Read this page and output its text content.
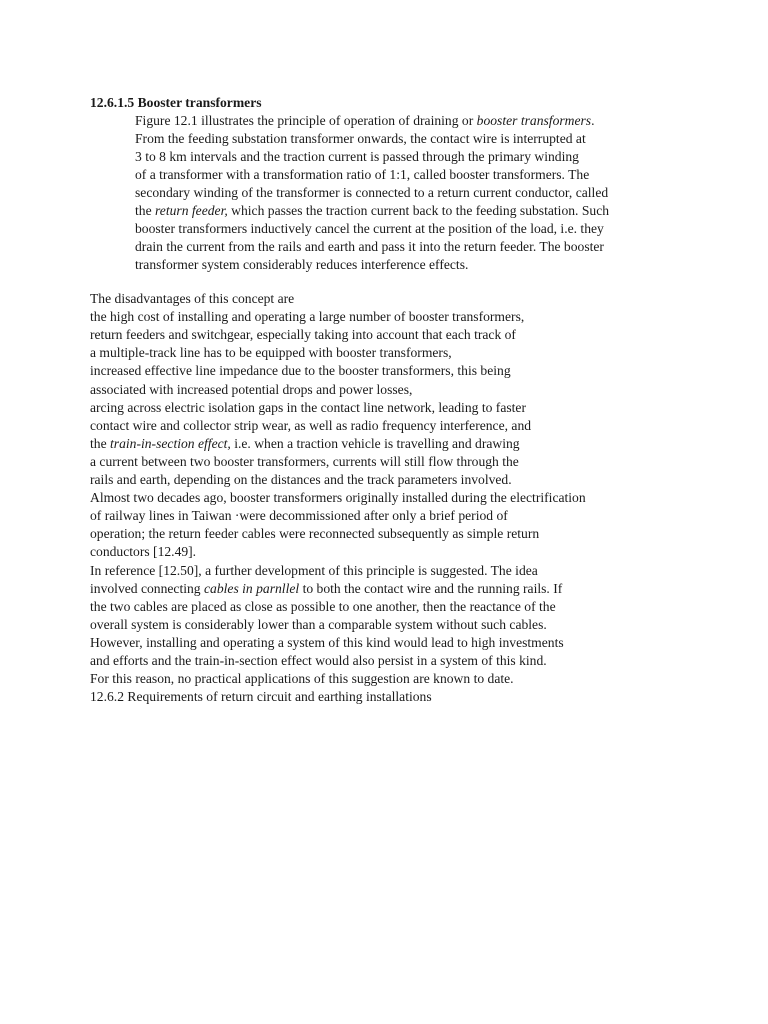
12.6.1.5 Booster transformers
Figure 12.1 illustrates the principle of operation of draining or booster transformers.
From the feeding substation transformer onwards, the contact wire is interrupted at
3 to 8 km intervals and the traction current is passed through the primary winding
of a transformer with a transformation ratio of 1:1, called booster transformers. The
secondary winding of the transformer is connected to a return current conductor, called
the return feeder, which passes the traction current back to the feeding substation. Such
booster transformers inductively cancel the current at the position of the load, i.e. they
drain the current from the rails and earth and pass it into the return feeder. The booster
transformer system considerably reduces interference effects.
The disadvantages of this concept are
the high cost of installing and operating a large number of booster transformers,
return feeders and switchgear, especially taking into account that each track of
a multiple-track line has to be equipped with booster transformers,
increased effective line impedance due to the booster transformers, this being
associated with increased potential drops and power losses,
arcing across electric isolation gaps in the contact line network, leading to faster
contact wire and collector strip wear, as well as radio frequency interference, and
the train-in-section effect, i.e. when a traction vehicle is travelling and drawing
a current between two booster transformers, currents will still flow through the
rails and earth, depending on the distances and the track parameters involved.
Almost two decades ago, booster transformers originally installed during the electrification
of railway lines in Taiwan ·were decommissioned after only a brief period of
operation; the return feeder cables were reconnected subsequently as simple return
conductors [12.49].
In reference [12.50], a further development of this principle is suggested. The idea
involved connecting cables in parnllel to both the contact wire and the running rails. If
the two cables are placed as close as possible to one another, then the reactance of the
overall system is considerably lower than a comparable system without such cables.
However, installing and operating a system of this kind would lead to high investments
and efforts and the train-in-section effect would also persist in a system of this kind.
For this reason, no practical applications of this suggestion are known to date.
12.6.2 Requirements of return circuit and earthing installations
